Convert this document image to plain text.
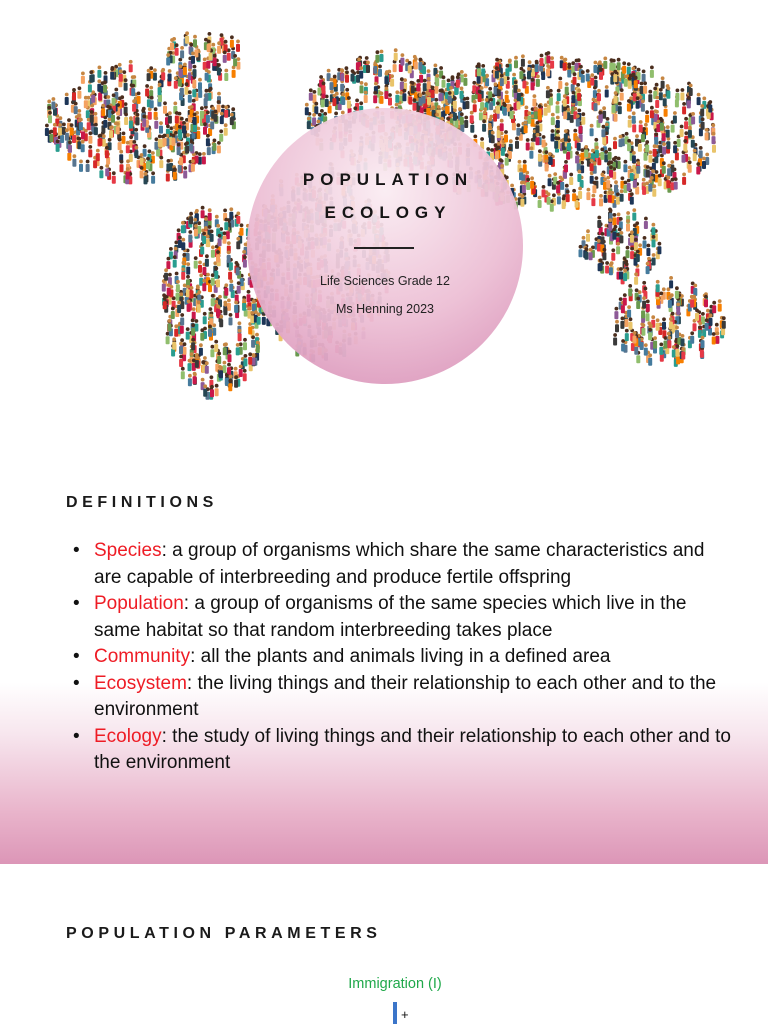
POPULATION
ECOLOGY
Life Sciences Grade 12
Ms Henning 2023
DEFINITIONS
• Species: a group of organisms which share the same characteristics and are capable of interbreeding and produce fertile offspring
• Population: a group of organisms of the same species which live in the same habitat so that random interbreeding takes place
• Community: all the plants and animals living in a defined area
• Ecosystem: the living things and their relationship to each other and to the environment
• Ecology: the study of living things and their relationship to each other and to the environment
POPULATION PARAMETERS
Immigration (I)
+
